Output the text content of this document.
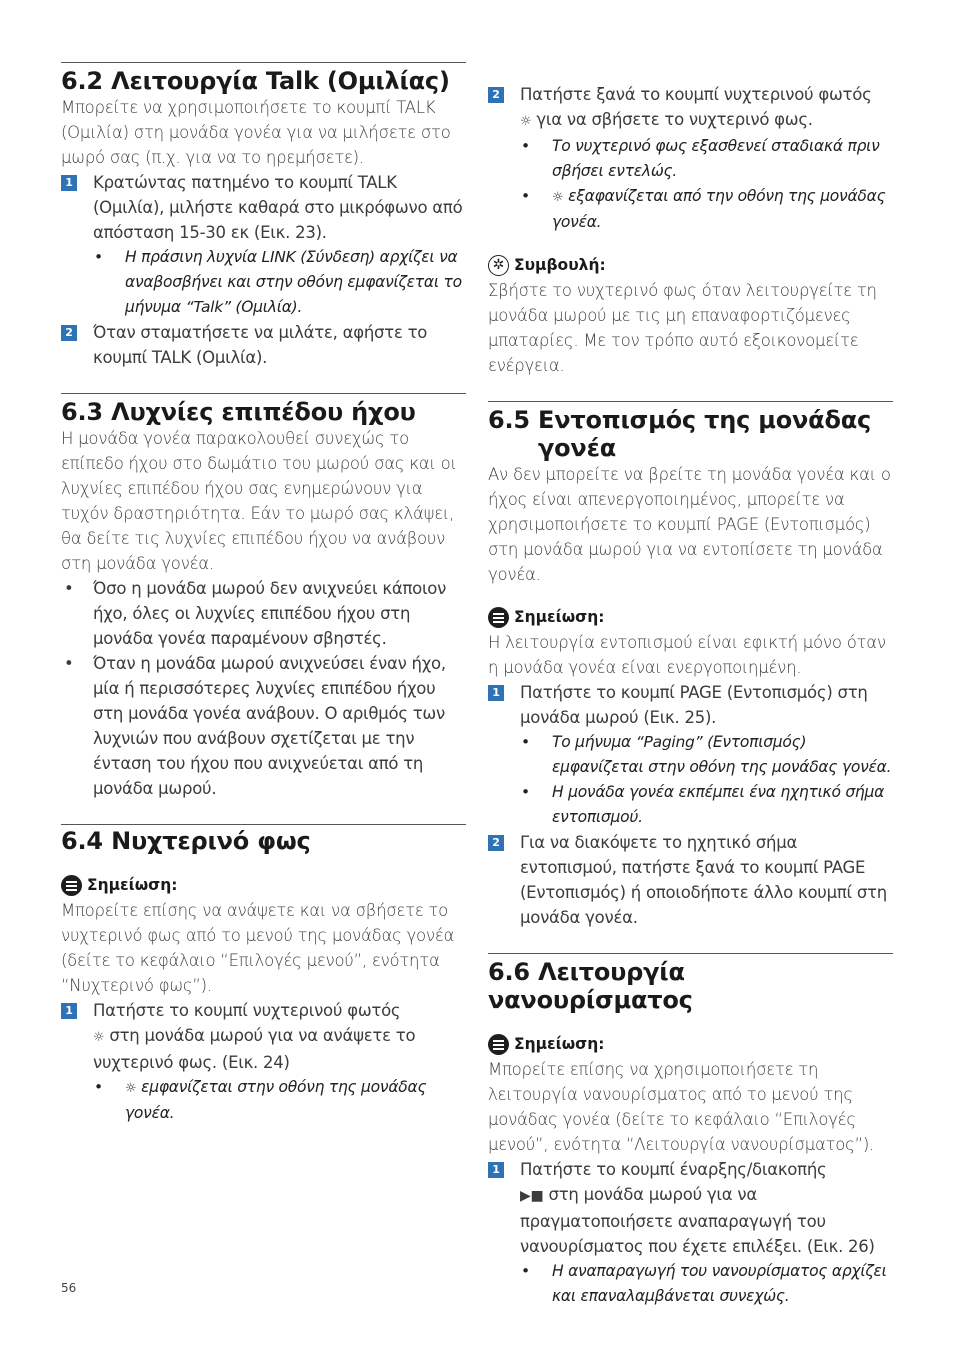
6.2 Λειτουργία Talk (Ομιλίας)

Μπορείτε να χρησιμοποιήσετε το κουμπί TALK (Ομιλία) στη μονάδα γονέα για να μιλήσετε στο μωρό σας (π.χ. για να το ηρεμήσετε).

1 Κρατώντας πατημένο το κουμπί TALK (Ομιλία), μιλήστε καθαρά στο μικρόφωνο από απόσταση 15-30 εκ (Εικ. 23).
• Η πράσινη λυχνία LINK (Σύνδεση) αρχίζει να αναβοσβήνει και στην οθόνη εμφανίζεται το μήνυμα “Talk” (Ομιλία).
2 Όταν σταματήσετε να μιλάτε, αφήστε το κουμπί TALK (Ομιλία).
6.3 Λυχνίες επιπέδου ήχου

Η μονάδα γονέα παρακολουθεί συνεχώς το επίπεδο ήχου στο δωμάτιο του μωρού σας και οι λυχνίες επιπέδου ήχου σας ενημερώνουν για τυχόν δραστηριότητα. Εάν το μωρό σας κλάψει, θα δείτε τις λυχνίες επιπέδου ήχου να ανάβουν στη μονάδα γονέα.

• Όσο η μονάδα μωρού δεν ανιχνεύει κάποιον ήχο, όλες οι λυχνίες επιπέδου ήχου στη μονάδα γονέα παραμένουν σβηστές.
• Όταν η μονάδα μωρού ανιχνεύσει έναν ήχο, μία ή περισσότερες λυχνίες επιπέδου ήχου στη μονάδα γονέα ανάβουν. Ο αριθμός των λυχνιών που ανάβουν σχετίζεται με την ένταση του ήχου που ανιχνεύεται από τη μονάδα μωρού.
6.4 Νυχτερινό φως
Σημείωση:

Μπορείτε επίσης να ανάψετε και να σβήσετε το νυχτερινό φως από το μενού της μονάδας γονέα (δείτε το κεφάλαιο “Επιλογές μενού”, ενότητα “Νυχτερινό φως”).

1 Πατήστε το κουμπί νυχτερινού φωτός
☼ στη μονάδα μωρού για να ανάψετε το νυχτερινό φως. (Εικ. 24)
• ☼ εμφανίζεται στην οθόνη της μονάδας γονέα.
2 Πατήστε ξανά το κουμπί νυχτερινού φωτός
☼ για να σβήσετε το νυχτερινό φως.
• Το νυχτερινό φως εξασθενεί σταδιακά πριν σβήσει εντελώς.
• ☼ εξαφανίζεται από την οθόνη της μονάδας γονέα.
✲ Συμβουλή:

Σβήστε το νυχτερινό φως όταν λειτουργείτε τη μονάδα μωρού με τις μη επαναφορτιζόμενες μπαταρίες. Με τον τρόπο αυτό εξοικονομείτε ενέργεια.

6.5 Εντοπισμός της μονάδας γονέα

Αν δεν μπορείτε να βρείτε τη μονάδα γονέα και ο ήχος είναι απενεργοποιημένος, μπορείτε να χρησιμοποιήσετε το κουμπί PAGE (Εντοπισμός) στη μονάδα μωρού για να εντοπίσετε τη μονάδα γονέα.

Σημείωση:

Η λειτουργία εντοπισμού είναι εφικτή μόνο όταν η μονάδα γονέα είναι ενεργοποιημένη.

1 Πατήστε το κουμπί PAGE (Εντοπισμός) στη μονάδα μωρού (Εικ. 25).
• Το μήνυμα “Paging” (Εντοπισμός) εμφανίζεται στην οθόνη της μονάδας γονέα.
• Η μονάδα γονέα εκπέμπει ένα ηχητικό σήμα εντοπισμού.
2 Για να διακόψετε το ηχητικό σήμα εντοπισμού, πατήστε ξανά το κουμπί PAGE (Εντοπισμός) ή οποιοδήποτε άλλο κουμπί στη μονάδα γονέα.
6.6 Λειτουργία νανουρίσματος
Σημείωση:

Μπορείτε επίσης να χρησιμοποιήσετε τη λειτουργία νανουρίσματος από το μενού της μονάδας γονέα (δείτε το κεφάλαιο “Επιλογές μενού”, ενότητα “Λειτουργία νανουρίσματος”).

1 Πατήστε το κουμπί έναρξης/διακοπής
▶■ στη μονάδα μωρού για να πραγματοποιήσετε αναπαραγωγή του νανουρίσματος που έχετε επιλέξει. (Εικ. 26)
• Η αναπαραγωγή του νανουρίσματος αρχίζει και επαναλαμβάνεται συνεχώς.
56
